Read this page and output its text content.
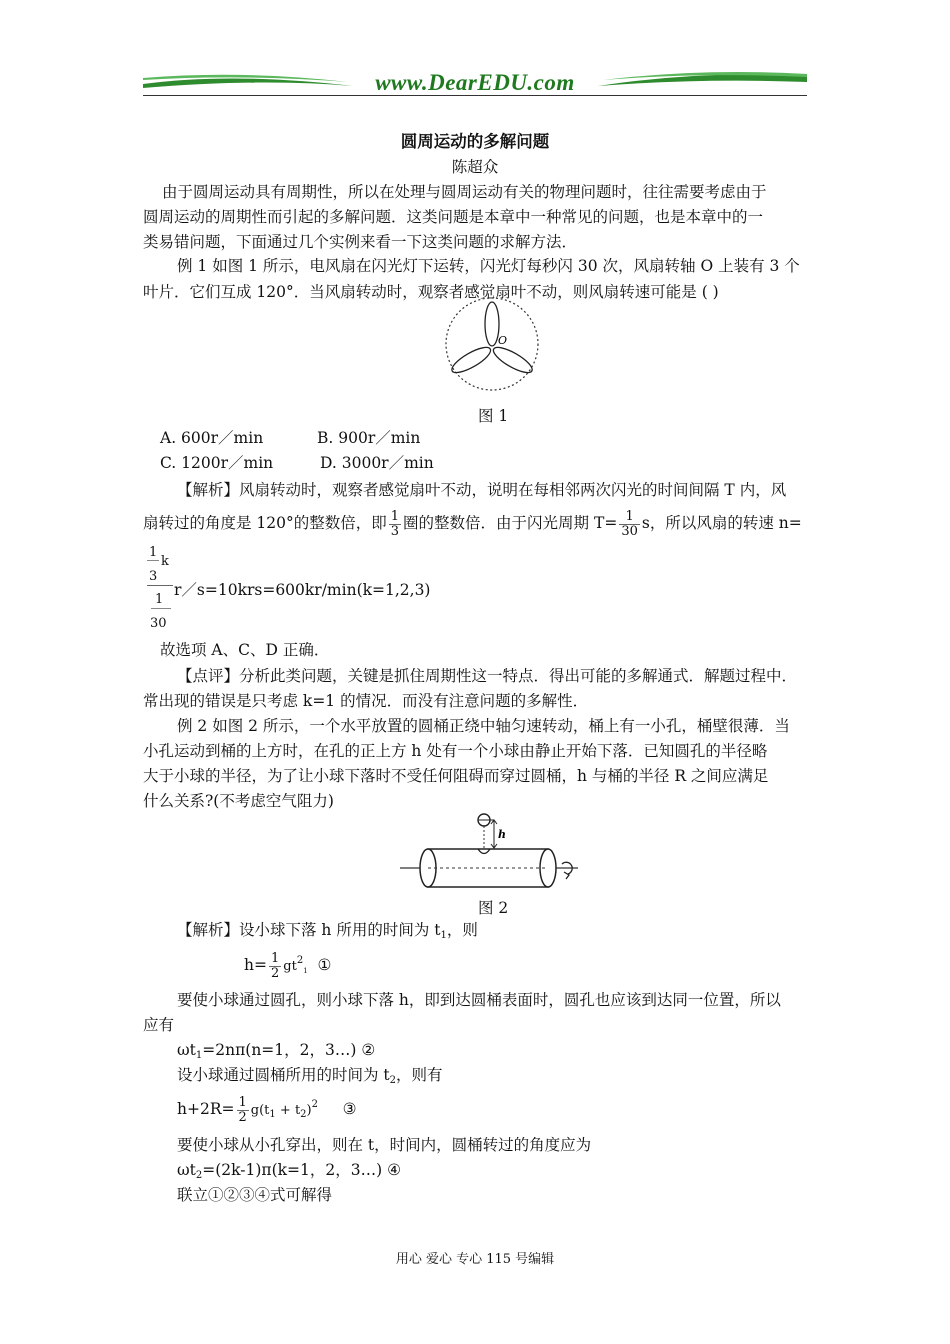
www.DearEDU.com
圆周运动的多解问题
陈超众
由于圆周运动具有周期性，所以在处理与圆周运动有关的物理问题时，往往需要考虑由于
圆周运动的周期性而引起的多解问题．这类问题是本章中一种常见的问题，也是本章中的一
类易错问题，下面通过几个实例来看一下这类问题的求解方法．
例 1 如图 1 所示，电风扇在闪光灯下运转，闪光灯每秒闪 30 次，风扇转轴 O 上装有 3 个
叶片．它们互成 120°．当风扇转动时，观察者感觉扇叶不动，则风扇转速可能是 ( )
O
图 1
A. 600r／min	B. 900r／min
C. 1200r／min	D. 3000r／min
【解析】风扇转动时，观察者感觉扇叶不动，说明在每相邻两次闪光的时间间隔 T 内，风
扇转过的角度是 120°的整数倍，即 $\frac{1}{3}$ 圈的整数倍．由于闪光周期 $T= \frac{1}{30}$ s，所以风扇的转速 n=
1
k
3
1
30
r／s=10krs=600kr/min(k=1,2,3)
故选项 A、C、D 正确．
【点评】分析此类问题，关键是抓住周期性这一特点．得出可能的多解通式．解题过程中．
常出现的错误是只考虑 k=1 的情况．而没有注意问题的多解性．
例 2 如图 2 所示，一个水平放置的圆桶正绕中轴匀速转动，桶上有一小孔，桶壁很薄．当
小孔运动到桶的上方时，在孔的正上方 h 处有一个小球由静止开始下落．已知圆孔的半径略
大于小球的半径，为了让小球下落时不受任何阻碍而穿过圆桶，h 与桶的半径 R 之间应满足
什么关系?(不考虑空气阻力)
h
图 2
【解析】设小球下落 h 所用的时间为 $t_1$，则
$h= \frac{1}{2} gt^2_1$ ①
要使小球通过圆孔，则小球下落 h，即到达圆桶表面时，圆孔也应该到达同一位置，所以
应有
$\omega t_1=2n\pi(n=1$，2，3…) ②
设小球通过圆桶所用的时间为 $t_2$，则有
$h+2R= \frac{1}{2} g(t_1 + t_2)^2$ ③
要使小球从小孔穿出，则在 t，时间内，圆桶转过的角度应为
$\omega t_2=(2k-1)\pi(k=1$，2，3…) ④
联立①②③④式可解得
用心 爱心 专心 115 号编辑
